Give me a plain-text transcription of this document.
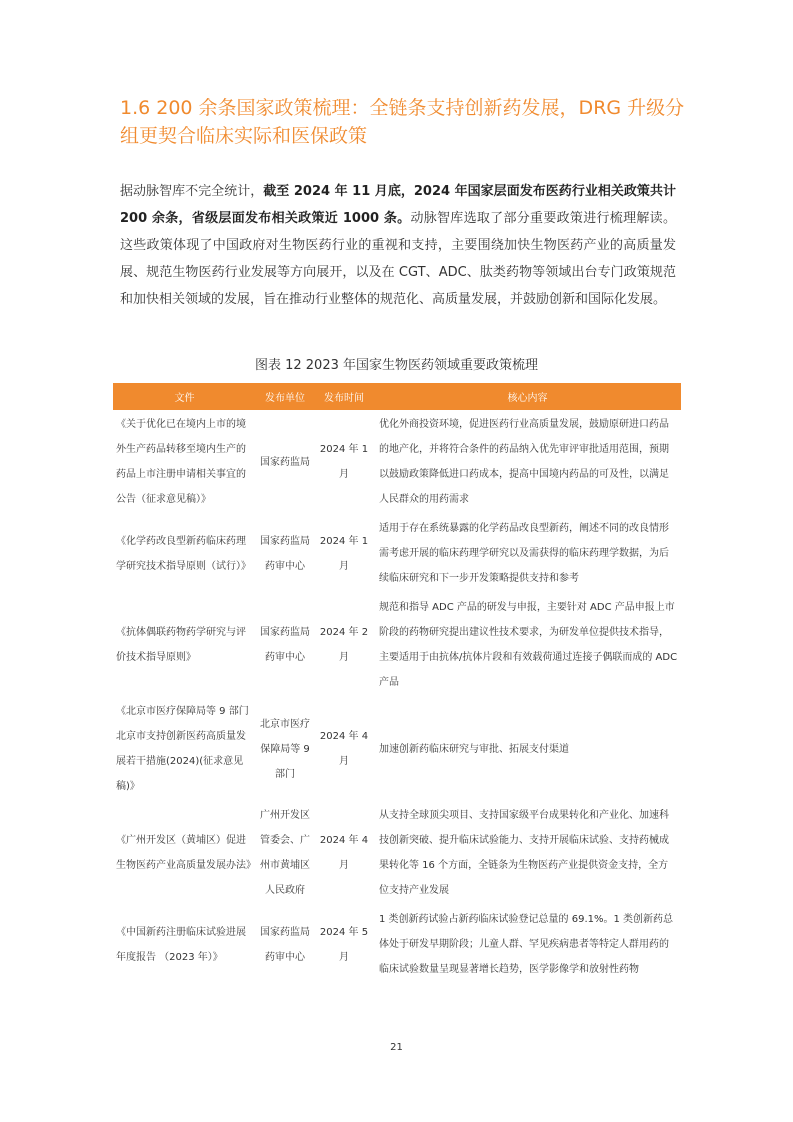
1.6 200 余条国家政策梳理：全链条支持创新药发展，DRG 升级分组更契合临床实际和医保政策

据动脉智库不完全统计，截至 2024 年 11 月底，2024 年国家层面发布医药行业相关政策共计 200 余条，省级层面发布相关政策近 1000 条。动脉智库选取了部分重要政策进行梳理解读。这些政策体现了中国政府对生物医药行业的重视和支持，主要围绕加快生物医药产业的高质量发展、规范生物医药行业发展等方向展开，以及在 CGT、ADC、肽类药物等领域出台专门政策规范和加快相关领域的发展，旨在推动行业整体的规范化、高质量发展，并鼓励创新和国际化发展。

图表 12 2023 年国家生物医药领域重要政策梳理

文件	发布单位	发布时间	核心内容
《关于优化已在境内上市的境外生产药品转移至境内生产的药品上市注册申请相关事宜的公告（征求意见稿）》	国家药监局	2024 年 1月	优化外商投资环境，促进医药行业高质量发展，鼓励原研进口药品的地产化，并将符合条件的药品纳入优先审评审批适用范围，预期以鼓励政策降低进口药成本，提高中国境内药品的可及性，以满足人民群众的用药需求
《化学药改良型新药临床药理学研究技术指导原则（试行）》	国家药监局药审中心	2024 年 1月	适用于存在系统暴露的化学药品改良型新药，阐述不同的改良情形需考虑开展的临床药理学研究以及需获得的临床药理学数据，为后续临床研究和下一步开发策略提供支持和参考
《抗体偶联药物药学研究与评价技术指导原则》	国家药监局药审中心	2024 年 2月	规范和指导 ADC 产品的研发与申报，主要针对 ADC 产品申报上市阶段的药物研究提出建议性技术要求，为研发单位提供技术指导，主要适用于由抗体/抗体片段和有效载荷通过连接子偶联而成的 ADC 产品
《北京市医疗保障局等 9 部门北京市支持创新医药高质量发展若干措施(2024)(征求意见稿)》	北京市医疗保障局等 9 部门	2024 年 4月	加速创新药临床研究与审批、拓展支付渠道
《广州开发区（黄埔区）促进生物医药产业高质量发展办法》	广州开发区管委会、广州市黄埔区人民政府	2024 年 4月	从支持全球顶尖项目、支持国家级平台成果转化和产业化、加速科技创新突破、提升临床试验能力、支持开展临床试验、支持药械成果转化等 16 个方面，全链条为生物医药产业提供资金支持，全方位支持产业发展
《中国新药注册临床试验进展年度报告 （2023 年）》	国家药监局药审中心	2024 年 5月	1 类创新药试验占新药临床试验登记总量的 69.1%。1 类创新药总体处于研发早期阶段；儿童人群、罕见疾病患者等特定人群用药的临床试验数量呈现显著增长趋势，医学影像学和放射性药物
21
